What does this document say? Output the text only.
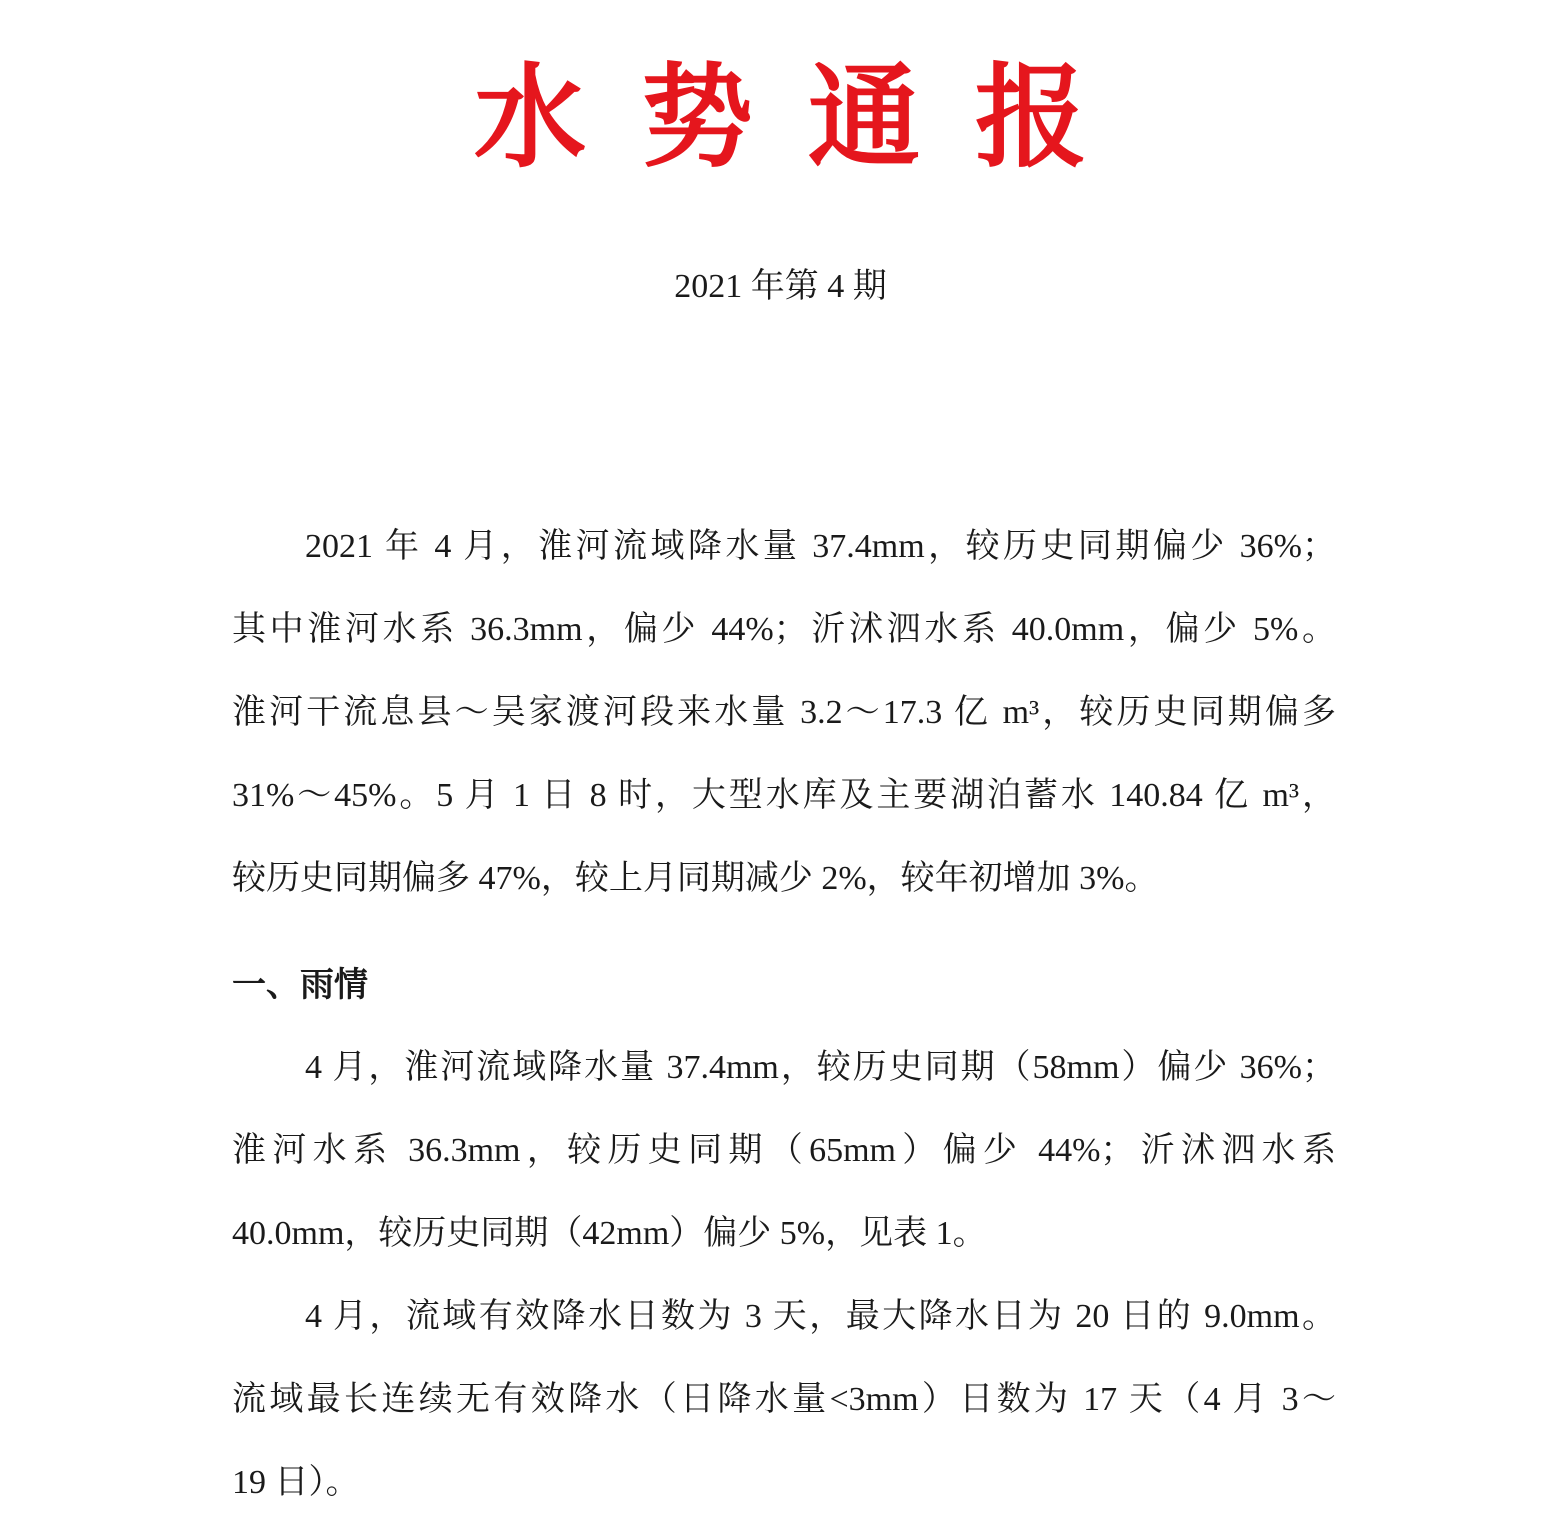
水势通报
2021 年第 4 期
2021 年 4 月，淮河流域降水量 37.4mm，较历史同期偏少 36%；
其中淮河水系 36.3mm，偏少 44%；沂沭泗水系 40.0mm，偏少 5%。
淮河干流息县～吴家渡河段来水量 3.2～17.3 亿 m³，较历史同期偏多
31%～45%。5 月 1 日 8 时，大型水库及主要湖泊蓄水 140.84 亿 m³，
较历史同期偏多 47%，较上月同期减少 2%，较年初增加 3%。
一、雨情
4 月，淮河流域降水量 37.4mm，较历史同期（58mm）偏少 36%；
淮河水系 36.3mm，较历史同期（65mm）偏少 44%；沂沭泗水系
40.0mm，较历史同期（42mm）偏少 5%，见表 1。
4 月，流域有效降水日数为 3 天，最大降水日为 20 日的 9.0mm。
流域最长连续无有效降水（日降水量<3mm）日数为 17 天（4 月 3～
19 日）。
